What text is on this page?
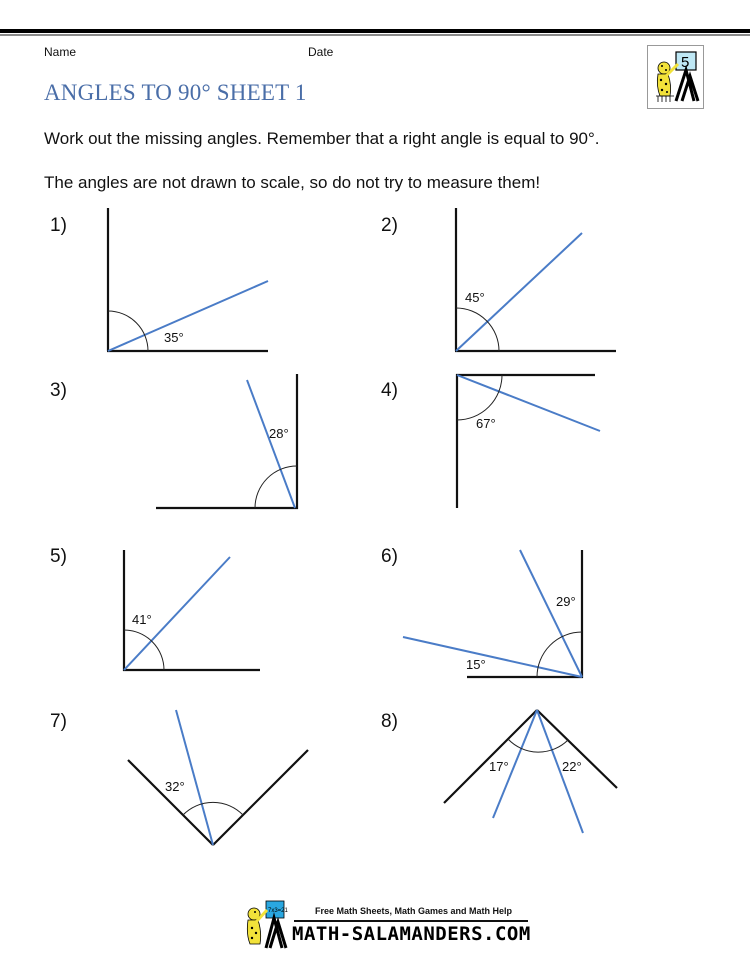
Name	Date
ANGLES TO 90° SHEET 1
5
Work out the missing angles. Remember that a right angle is equal to 90°.
The angles are not drawn to scale, so do not try to measure them!
1)	2)
3)	4)
5)	6)
7)	8)
35°
45°
28°
67°
41°
29°
15°
32°
17°	22°
7x3=21	Free Math Sheets, Math Games and Math Help
MATH-SALAMANDERS.COM
